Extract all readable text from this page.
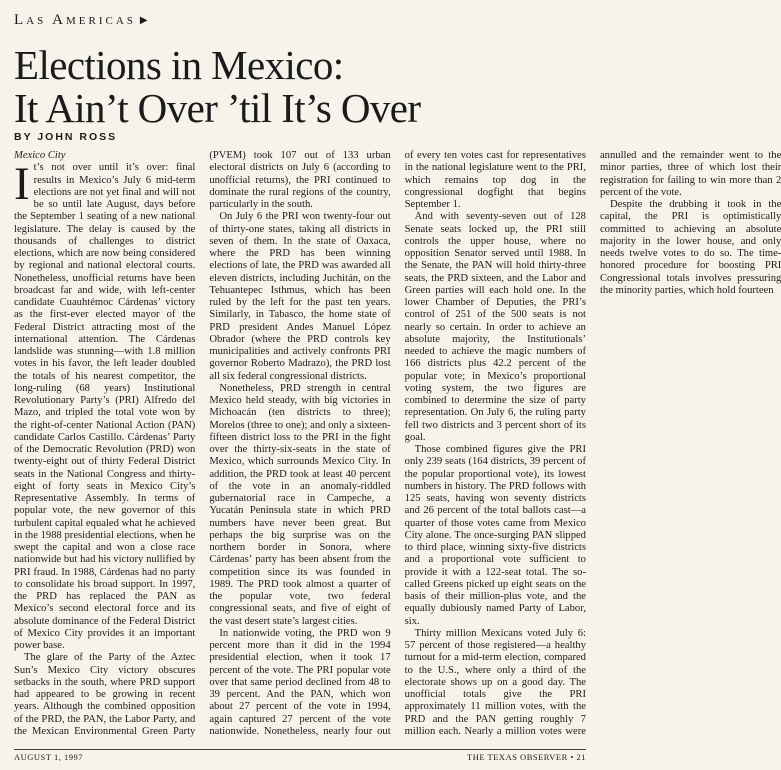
Las Americas ▶
Elections in Mexico:
It Ain’t Over ’til It’s Over
BY JOHN ROSS

Mexico City

It’s not over until it’s over: final results in Mexico’s July 6 mid-term elections are not yet final and will not be so until late August, days before the September 1 seating of a new national legislature. The delay is caused by the thousands of challenges to district elections, which are now being considered by regional and national electoral courts. Nonetheless, unofficial returns have been broadcast far and wide, with left-center candidate Cuauhtémoc Cárdenas’ victory as the first-ever elected mayor of the Federal District attracting most of the international attention. The Cárdenas landslide was stunning—with 1.8 million votes in his favor, the left leader doubled the totals of his nearest competitor, the long-ruling (68 years) Institutional Revolutionary Party’s (PRI) Alfredo del Mazo, and tripled the total vote won by the right-of-center National Action (PAN) candidate Carlos Castillo. Cárdenas’ Party of the Democratic Revolution (PRD) won twenty-eight out of thirty Federal District seats in the National Congress and thirty-eight of forty seats in Mexico City’s Representative Assembly. In terms of popular vote, the new governor of this turbulent capital equaled what he achieved in the 1988 presidential elections, when he swept the capital and won a close race nationwide but had his victory nullified by PRI fraud. In 1988, Cárdenas had no party to consolidate his broad support. In 1997, the PRD has replaced the PAN as Mexico’s second electoral force and its absolute dominance of the Federal District of Mexico City provides it an important power base.

The glare of the Party of the Aztec Sun’s Mexico City victory obscures setbacks in the south, where PRD support had appeared to be growing in recent years. Although the combined opposition of the PRD, the PAN, the Labor Party, and the Mexican Environmental Green Party (PVEM) took 107 out of 133 urban electoral districts on July 6 (according to unofficial returns), the PRI continued to dominate the rural regions of the country, particularly in the south.

On July 6 the PRI won twenty-four out of thirty-one states, taking all districts in seven of them. In the state of Oaxaca, where the PRD has been winning elections of late, the PRD was awarded all eleven districts, including Juchitán, on the Tehuantepec Isthmus, which has been ruled by the left for the past ten years. Similarly, in Tabasco, the home state of PRD president Andes Manuel López Obrador (where the PRD controls key municipalities and actively confronts PRI governor Roberto Madrazo), the PRD lost all six federal congressional districts.

Nonetheless, PRD strength in central Mexico held steady, with big victories in Michoacán (ten districts to three); Morelos (three to one); and only a sixteen-fifteen district loss to the PRI in the fight over the thirty-six-seats in the state of Mexico, which surrounds Mexico City. In addition, the PRD took at least 40 percent of the vote in an anomaly-riddled gubernatorial race in Campeche, a Yucatán Peninsula state in which PRD numbers have never been great. But perhaps the big surprise was on the northern border in Sonora, where Cárdenas’ party has been absent from the competition since its was founded in 1989. The PRD took almost a quarter of the popular vote, two federal congressional seats, and five of eight of the vast desert state’s largest cities.

In nationwide voting, the PRD won 9 percent more than it did in the 1994 presidential election, when it took 17 percent of the vote. The PRI popular vote over that same period declined from 48 to 39 percent. And the PAN, which won about 27 percent of the vote in 1994, again captured 27 percent of the vote nationwide. Nonetheless, nearly four out of every ten votes cast for representatives in the national legislature went to the PRI, which remains top dog in the congressional dogfight that begins September 1.

And with seventy-seven out of 128 Senate seats locked up, the PRI still controls the upper house, where no opposition Senator served until 1988. In the Senate, the PAN will hold thirty-three seats, the PRD sixteen, and the Labor and Green parties will each hold one. In the lower Chamber of Deputies, the PRI’s control of 251 of the 500 seats is not nearly so certain. In order to achieve an absolute majority, the Institutionals’ needed to achieve the magic numbers of 166 districts plus 42.2 percent of the popular vote; in Mexico’s proportional voting system, the two figures are combined to determine the size of party representation. On July 6, the ruling party fell two districts and 3 percent short of its goal.

Those combined figures give the PRI only 239 seats (164 districts, 39 percent of the popular proportional vote), its lowest numbers in history. The PRD follows with 125 seats, having won seventy districts and 26 percent of the total ballots cast—a quarter of those votes came from Mexico City alone. The once-surging PAN slipped to third place, winning sixty-five districts and a proportional vote sufficient to provide it with a 122-seat total. The so-called Greens picked up eight seats on the basis of their million-plus vote, and the equally dubiously named Party of Labor, six.

Thirty million Mexicans voted July 6: 57 percent of those registered—a healthy turnout for a mid-term election, compared to the U.S., where only a third of the electorate shows up on a good day. The unofficial totals give the PRI approximately 11 million votes, with the PRD and the PAN getting roughly 7 million each. Nearly a million votes were annulled and the remainder went to the minor parties, three of which lost their registration for failing to win more than 2 percent of the vote.

Despite the drubbing it took in the capital, the PRI is optimistically committed to achieving an absolute majority in the lower house, and only needs twelve votes to do so. The time-honored procedure for boosting PRI Congressional totals involves pressuring the minority parties, which hold fourteen

AUGUST 1, 1997	THE TEXAS OBSERVER • 21
